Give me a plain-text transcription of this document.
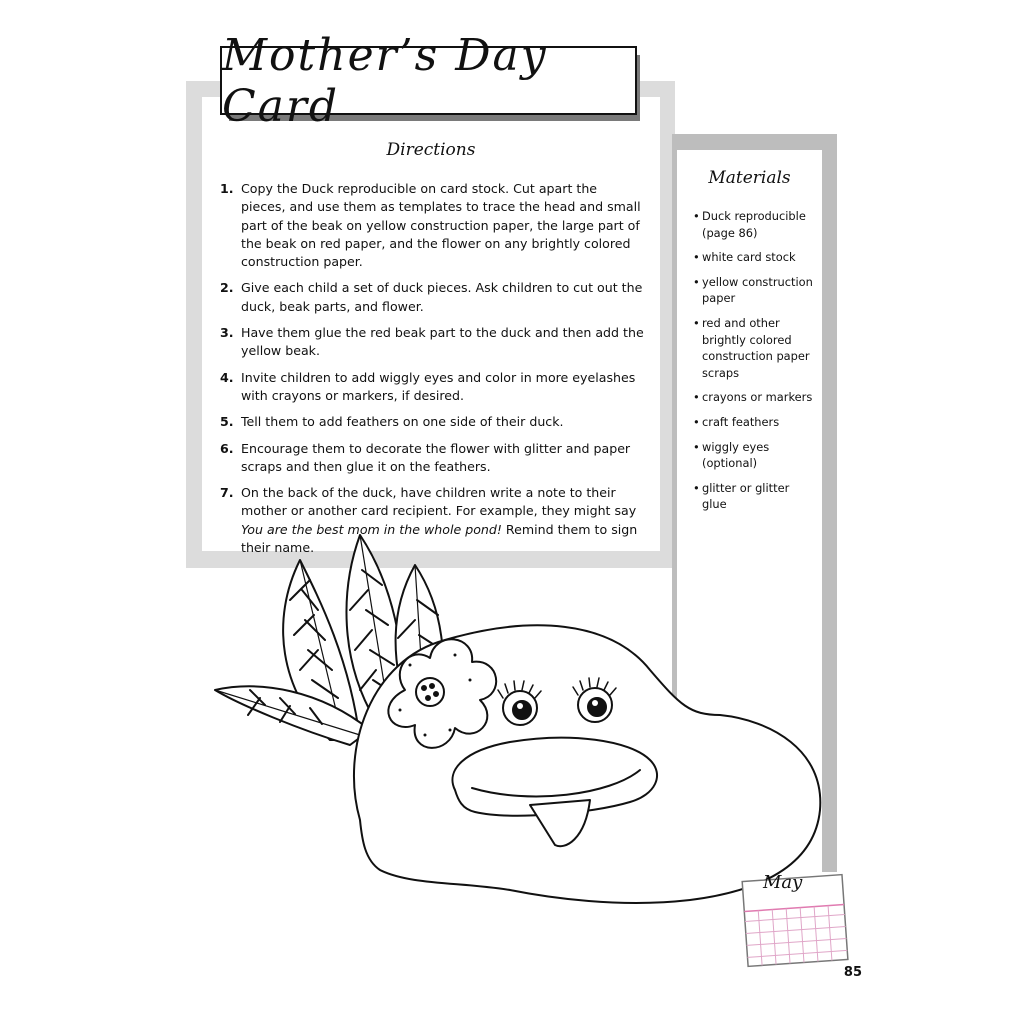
Mother’s Day Card
Directions
1. Copy the Duck reproducible on card stock. Cut apart the pieces, and use them as templates to trace the head and small part of the beak on yellow construction paper, the large part of the beak on red paper, and the flower on any brightly colored construction paper.
2. Give each child a set of duck pieces. Ask children to cut out the duck, beak parts, and flower.
3. Have them glue the red beak part to the duck and then add the yellow beak.
4. Invite children to add wiggly eyes and color in more eyelashes with crayons or markers, if desired.
5. Tell them to add feathers on one side of their duck.
6. Encourage them to decorate the flower with glitter and paper scraps and then glue it on the feathers.
7. On the back of the duck, have children write a note to their mother or another card recipient. For example, they might say You are the best mom in the whole pond! Remind them to sign their name.
Materials
• Duck reproducible (page 86)
• white card stock
• yellow construction paper
• red and other brightly colored construction paper scraps
• crayons or markers
• craft feathers
• wiggly eyes (optional)
• glitter or glitter glue
May
85
